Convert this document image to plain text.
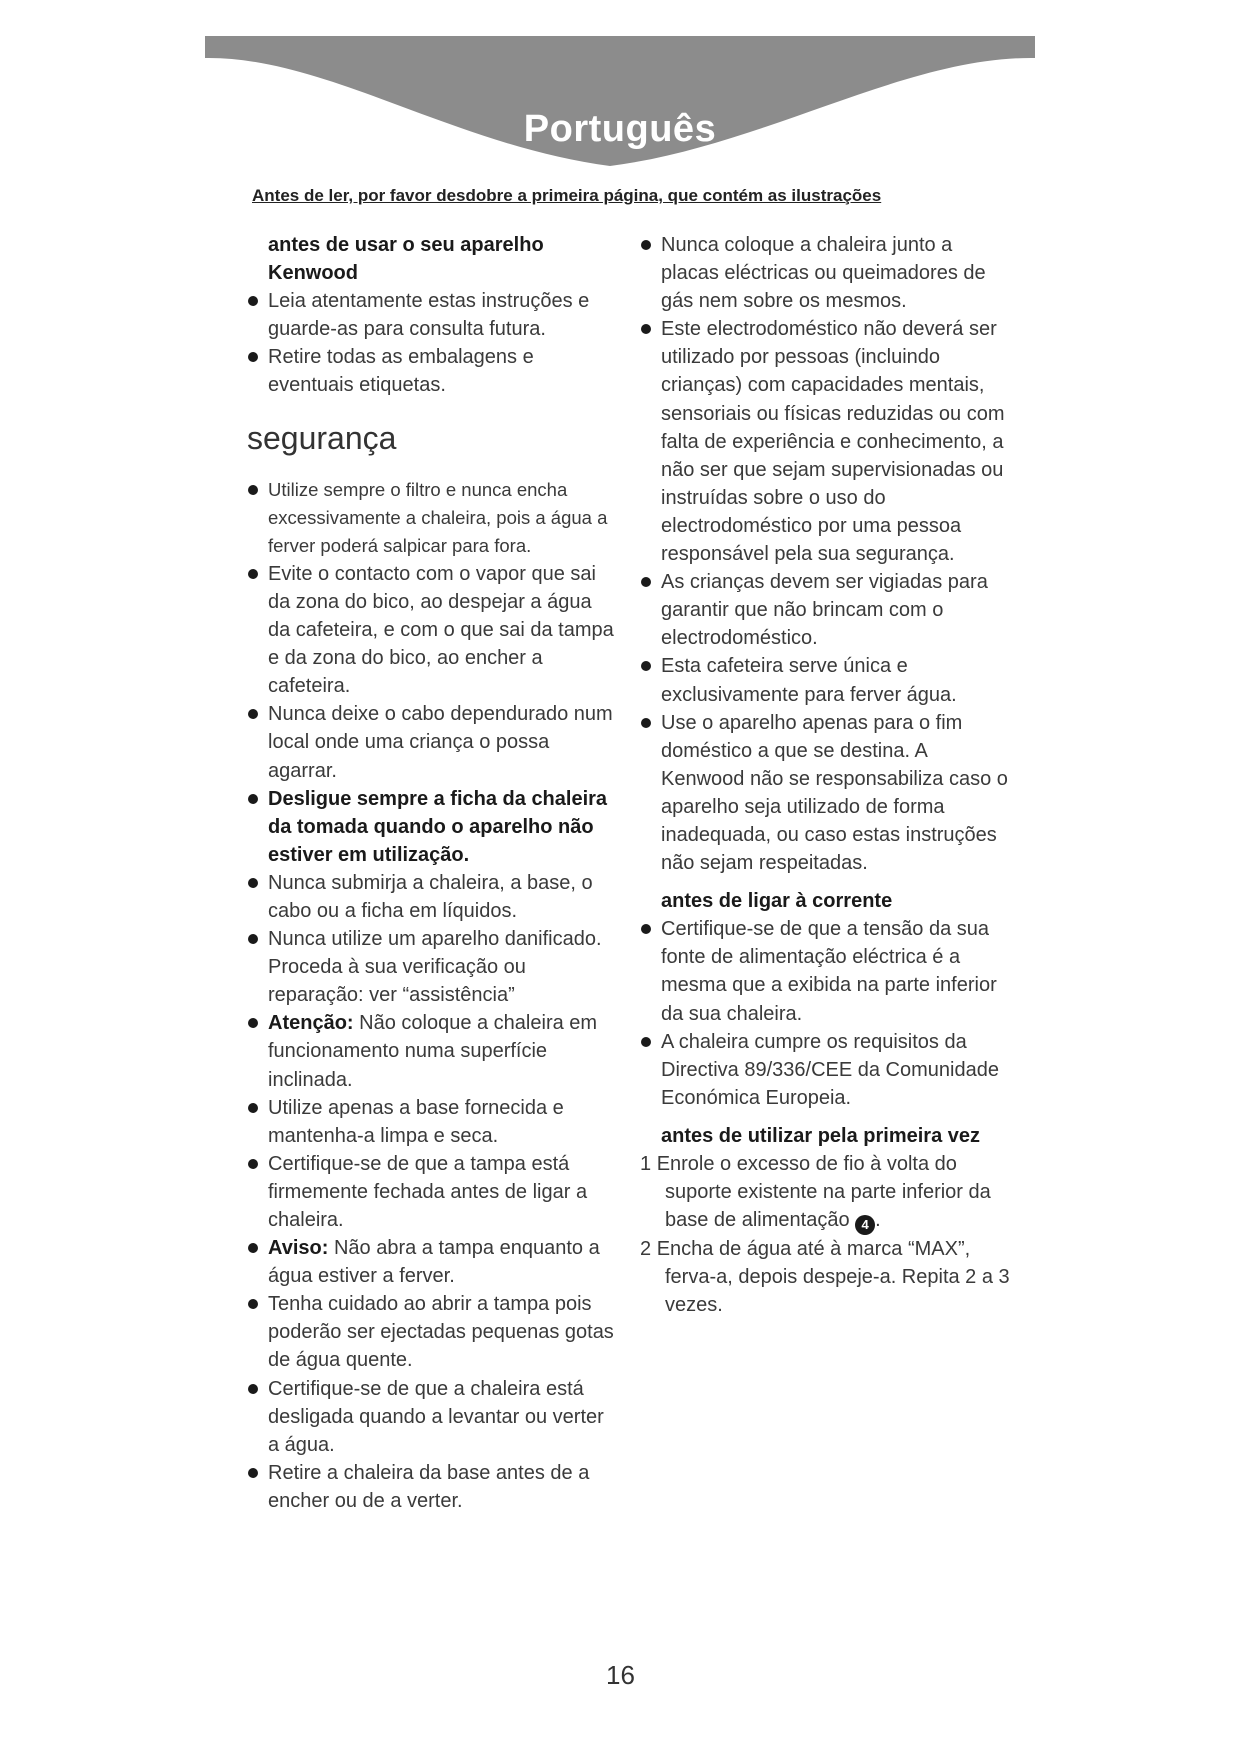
Português
Antes de ler, por favor desdobre a primeira página, que contém as ilustrações

antes de usar o seu aparelho Kenwood

Leia atentamente estas instruções e guarde-as para consulta futura.

Retire todas as embalagens e eventuais etiquetas.

segurança

Utilize sempre o filtro e nunca encha excessivamente a chaleira, pois a água a ferver poderá salpicar para fora.

Evite o contacto com o vapor que sai da zona do bico, ao despejar a água da cafeteira, e com o que sai da tampa e da zona do bico, ao encher a cafeteira.

Nunca deixe o cabo dependurado num local onde uma criança o possa agarrar.

Desligue sempre a ficha da chaleira da tomada quando o aparelho não estiver em utilização.

Nunca submirja a chaleira, a base, o cabo ou a ficha em líquidos.

Nunca utilize um aparelho danificado. Proceda à sua verificação ou reparação: ver “assistência”

Atenção: Não coloque a chaleira em funcionamento numa superfície inclinada.

Utilize apenas a base fornecida e mantenha-a limpa e seca.

Certifique-se de que a tampa está firmemente fechada antes de ligar a chaleira.

Aviso: Não abra a tampa enquanto a água estiver a ferver.

Tenha cuidado ao abrir a tampa pois poderão ser ejectadas pequenas gotas de água quente.

Certifique-se de que a chaleira está desligada quando a levantar ou verter a água.

Retire a chaleira da base antes de a encher ou de a verter.

Nunca coloque a chaleira junto a placas eléctricas ou queimadores de gás nem sobre os mesmos.

Este electrodoméstico não deverá ser utilizado por pessoas (incluindo crianças) com capacidades mentais, sensoriais ou físicas reduzidas ou com falta de experiência e conhecimento, a não ser que sejam supervisionadas ou instruídas sobre o uso do electrodoméstico por uma pessoa responsável pela sua segurança.

As crianças devem ser vigiadas para garantir que não brincam com o electrodoméstico.

Esta cafeteira serve única e exclusivamente para ferver água.

Use o aparelho apenas para o fim doméstico a que se destina. A Kenwood não se responsabiliza caso o aparelho seja utilizado de forma inadequada, ou caso estas instruções não sejam respeitadas.

antes de ligar à corrente

Certifique-se de que a tensão da sua fonte de alimentação eléctrica é a mesma que a exibida na parte inferior da sua chaleira.

A chaleira cumpre os requisitos da Directiva 89/336/CEE da Comunidade Económica Europeia.

antes de utilizar pela primeira vez

1 Enrole o excesso de fio à volta do suporte existente na parte inferior da base de alimentação 4 .

2 Encha de água até à marca “MAX”, ferva-a, depois despeje-a. Repita 2 a 3 vezes.

16
